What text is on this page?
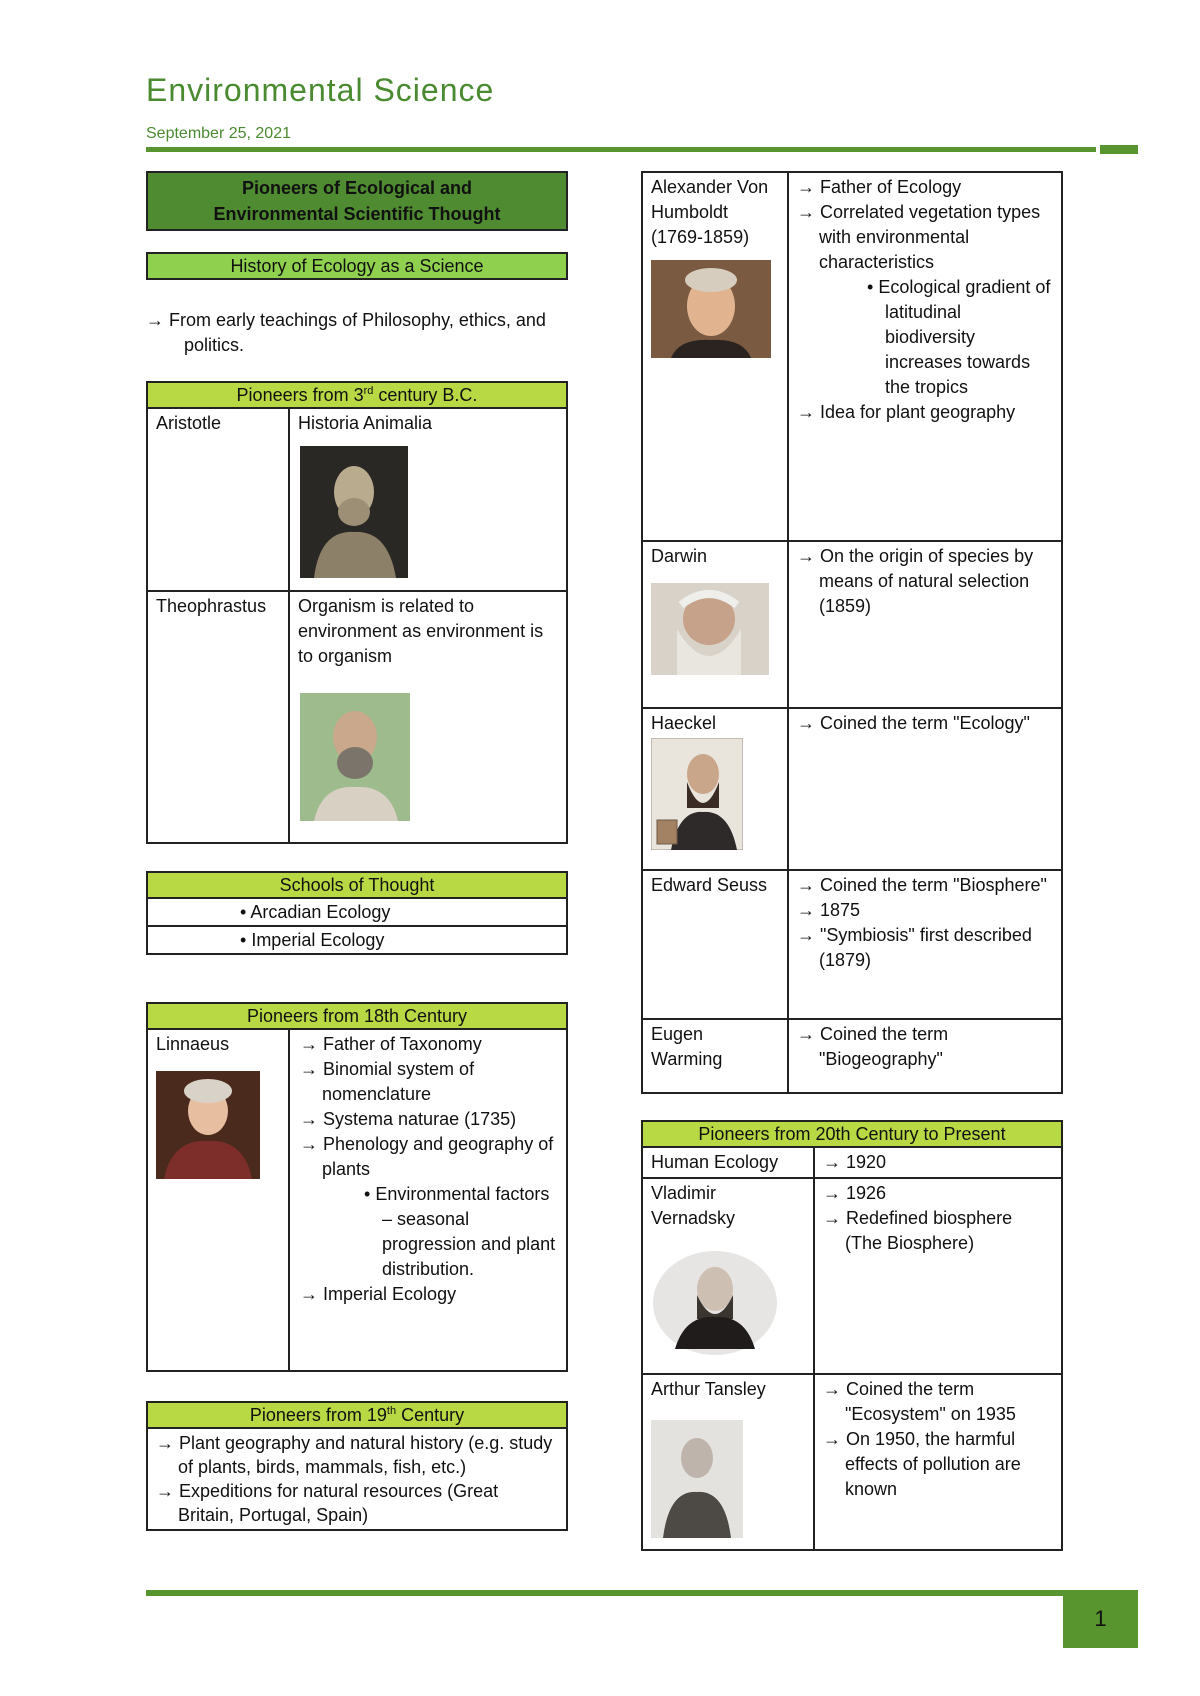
Environmental Science
September 25, 2021
Pioneers of Ecological and
Environmental Scientific Thought
History of Ecology as a Science
→ From early teachings of Philosophy, ethics, and politics.
Pioneers from 3rd century B.C.	
Aristotle	Historia Animalia

Theophrastus	Organism is related to environment as environment is to organism
Schools of Thought

• Arcadian Ecology

• Imperial Ecology
Pioneers from 18th Century

Linnaeus

→Father of Taxonomy
→ Binomial system of nomenclature
→ Systema naturae (1735)
→ Phenology and geography of plants
• Environmental factors – seasonal progression and plant distribution.
→ Imperial Ecology
Pioneers from 19th Century

→ Plant geography and natural history (e.g. study of plants, birds, mammals, fish, etc.)
→ Expeditions for natural resources (Great Britain, Portugal, Spain)
Alexander Von Humboldt (1769-1859)	→ Father of Ecology
→ Correlated vegetation types with environmental characteristics
• Ecological gradient of latitudinal biodiversity increases towards the tropics
→ Idea for plant geography

Darwin	→ On the origin of species by means of natural selection (1859)

Haeckel	→ Coined the term "Ecology"

Edward Seuss	→ Coined the term "Biosphere"
→ 1875
→ "Symbiosis" first described (1879)

Eugen Warming	→ Coined the term "Biogeography"
Pioneers from 20th Century to Present	
Human Ecology	→ 1920

Vladimir Vernadsky	→ 1926
→ Redefined biosphere (The Biosphere)

Arthur Tansley	→ Coined the term "Ecosystem" on 1935
→ On 1950, the harmful effects of pollution are known
1
